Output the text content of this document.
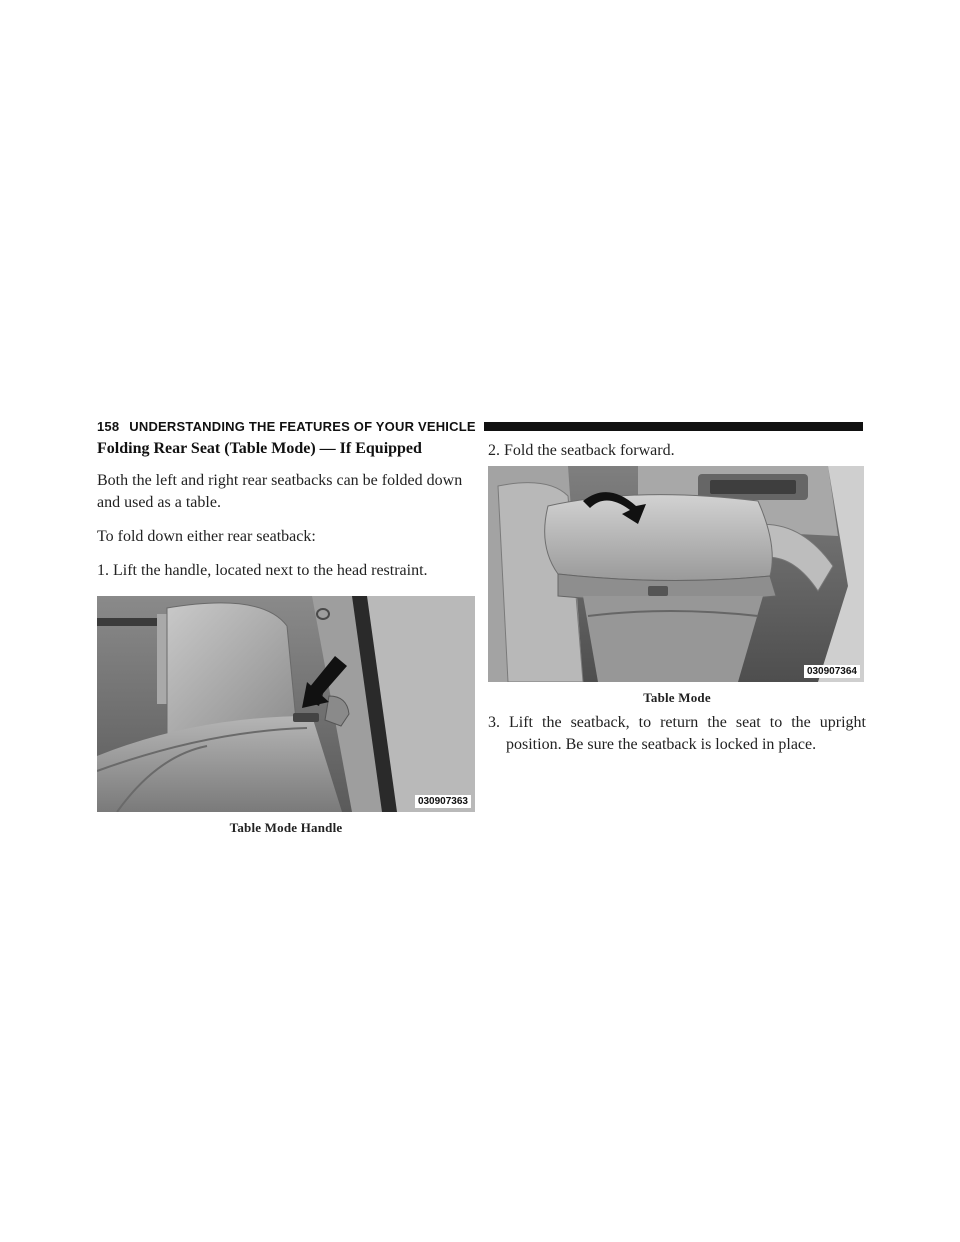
158 UNDERSTANDING THE FEATURES OF YOUR VEHICLE
Folding Rear Seat (Table Mode) — If Equipped

Both the left and right rear seatbacks can be folded down and used as a table.

To fold down either rear seatback:

1. Lift the handle, located next to the head restraint.

030907363
Table Mode Handle

2. Fold the seatback forward.

030907364
Table Mode

3. Lift the seatback, to return the seat to the upright position. Be sure the seatback is locked in place.
